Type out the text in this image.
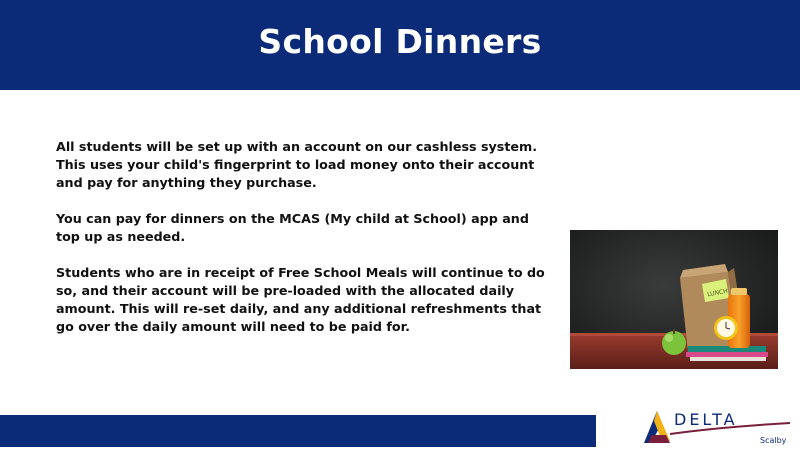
School Dinners

All students will be set up with an account on our cashless system. This uses your child's fingerprint to load money onto their account and pay for anything they purchase.

You can pay for dinners on the MCAS (My child at School) app and top up as needed.

Students who are in receipt of Free School Meals will continue to do so, and their account will be pre-loaded with the allocated daily amount. This will re-set daily, and any additional refreshments that go over the daily amount will need to be paid for.

LUNCH
DELTA
Scalby
